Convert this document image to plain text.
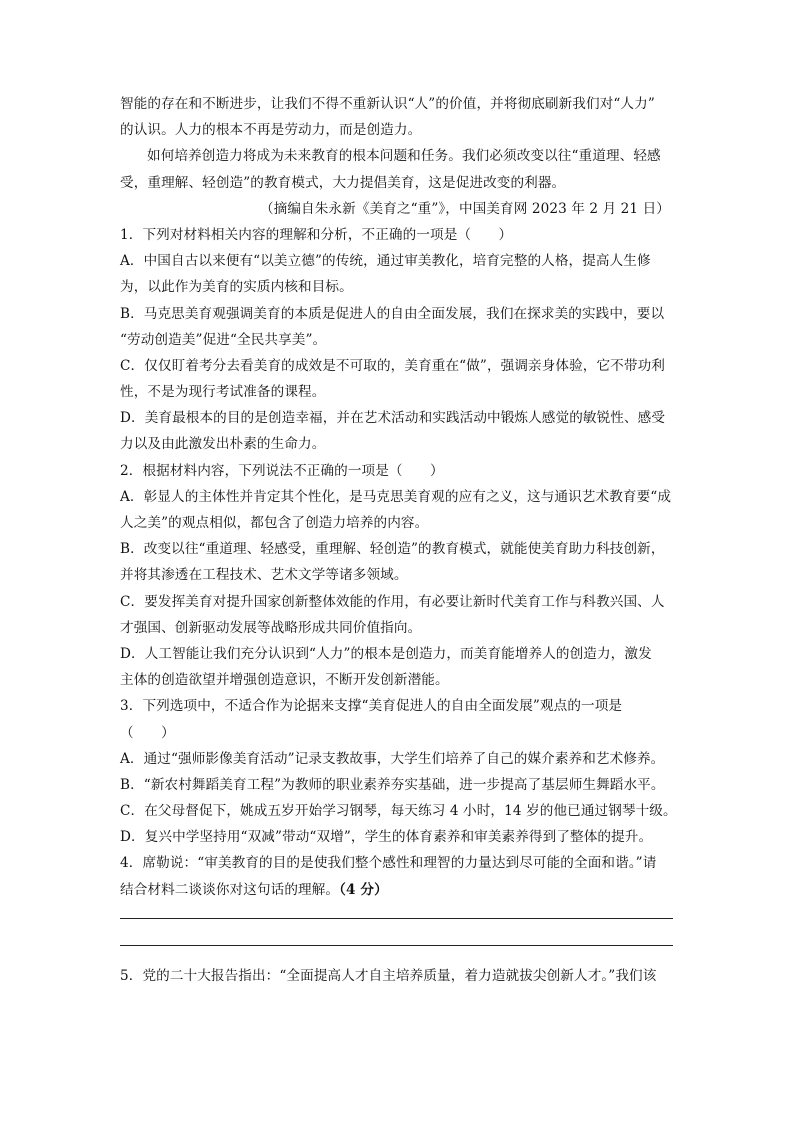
智能的存在和不断进步，让我们不得不重新认识“人”的价值，并将彻底刷新我们对“人力”
的认识。人力的根本不再是劳动力，而是创造力。
如何培养创造力将成为未来教育的根本问题和任务。我们必须改变以往“重道理、轻感
受，重理解、轻创造”的教育模式，大力提倡美育，这是促进改变的利器。
（摘编自朱永新《美育之“重”》，中国美育网 2023 年 2 月 21 日）
1．下列对材料相关内容的理解和分析，不正确的一项是（　　）
A．中国自古以来便有“以美立德”的传统，通过审美教化，培育完整的人格，提高人生修
为，以此作为美育的实质内核和目标。
B．马克思美育观强调美育的本质是促进人的自由全面发展，我们在探求美的实践中，要以
“劳动创造美”促进“全民共享美”。
C．仅仅盯着考分去看美育的成效是不可取的，美育重在“做”，强调亲身体验，它不带功利
性，不是为现行考试准备的课程。
D．美育最根本的目的是创造幸福，并在艺术活动和实践活动中锻炼人感觉的敏锐性、感受
力以及由此激发出朴素的生命力。
2．根据材料内容，下列说法不正确的一项是（　　）
A．彰显人的主体性并肯定其个性化，是马克思美育观的应有之义，这与通识艺术教育要“成
人之美”的观点相似，都包含了创造力培养的内容。
B．改变以往“重道理、轻感受，重理解、轻创造”的教育模式，就能使美育助力科技创新，
并将其渗透在工程技术、艺术文学等诸多领域。
C．要发挥美育对提升国家创新整体效能的作用，有必要让新时代美育工作与科教兴国、人
才强国、创新驱动发展等战略形成共同价值指向。
D．人工智能让我们充分认识到“人力”的根本是创造力，而美育能增养人的创造力，激发
主体的创造欲望并增强创造意识，不断开发创新潜能。
3．下列选项中，不适合作为论据来支撑“美育促进人的自由全面发展”观点的一项是
（　　）
A．通过“强师影像美育活动”记录支教故事，大学生们培养了自己的媒介素养和艺术修养。
B．“新农村舞蹈美育工程”为教师的职业素养夯实基础，进一步提高了基层师生舞蹈水平。
C．在父母督促下，姚成五岁开始学习钢琴，每天练习 4 小时，14 岁的他已通过钢琴十级。
D．复兴中学坚持用“双减”带动“双增”，学生的体育素养和审美素养得到了整体的提升。
4．席勒说：“审美教育的目的是使我们整个感性和理智的力量达到尽可能的全面和谐。”请
结合材料二谈谈你对这句话的理解。（4 分）
5．党的二十大报告指出：“全面提高人才自主培养质量，着力造就拔尖创新人才。”我们该
